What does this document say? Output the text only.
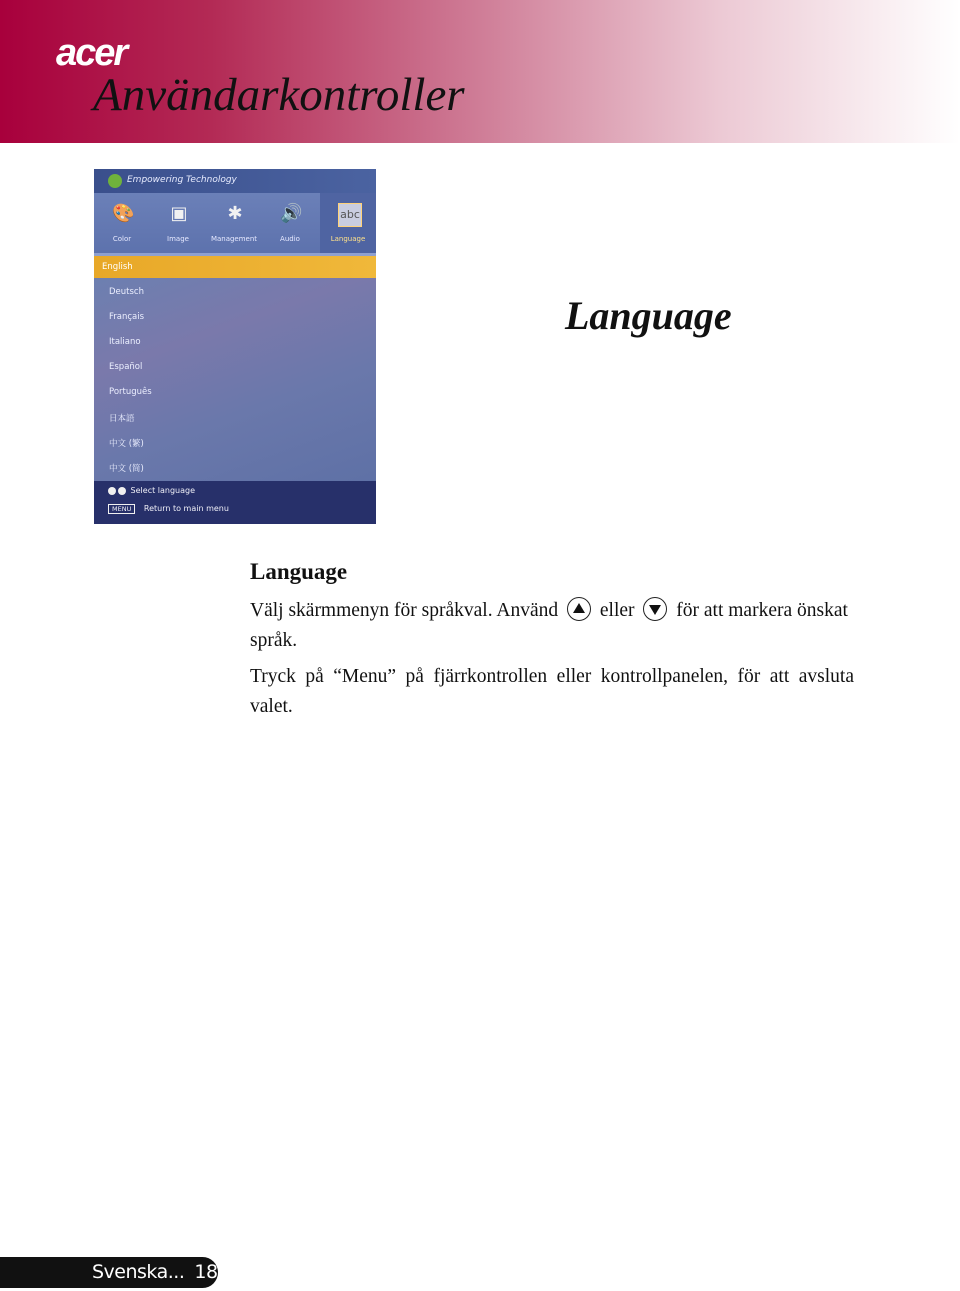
acer
Användarkontroller
Empowering Technology
🎨
Color
▣
Image
✱
Management
🔊
Audio
abc
Language
English
Deutsch
Français
Italiano
Español
Português
日本語
中文 (繁)
中文 (简)
Select language
MENU Return to main menu
Language
Language

Välj skärmmenyn för språkval. Använd eller för att markera önskat språk.

Tryck på “Menu” på fjärrkontrollen eller kontrollpanelen, för att avsluta valet.

Svenska... 18
